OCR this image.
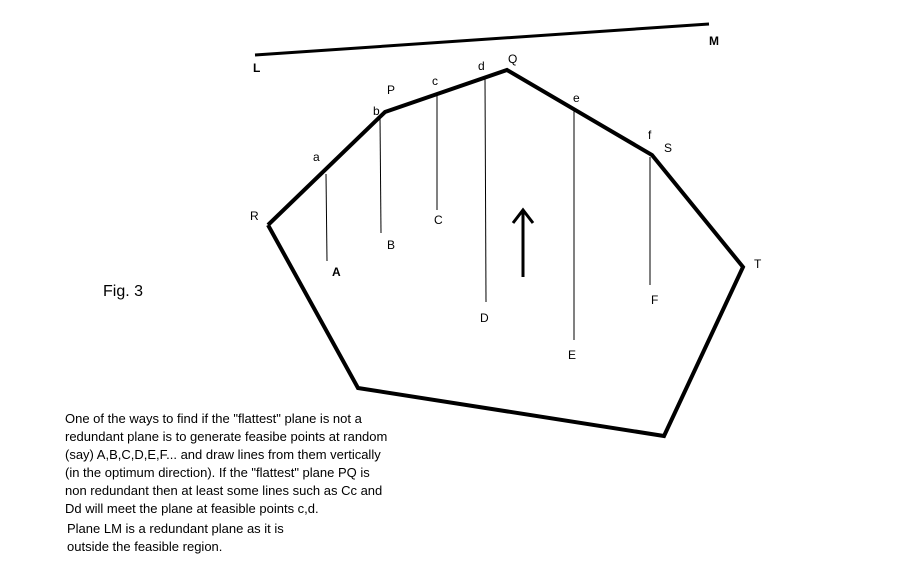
L
M
P
Q
R
S
T
a
b
c
d
e
f
A
B
C
D
E
F
Fig. 3
One of the ways to find if the "flattest" plane is not a
redundant plane is to generate feasibe points at random
(say) A,B,C,D,E,F... and draw lines from them vertically
(in the optimum direction). If the "flattest" plane PQ is
non redundant then at least some lines such as Cc and
Dd will meet the plane at feasible points c,d.
Plane LM is a redundant plane as it is
outside the feasible region.
